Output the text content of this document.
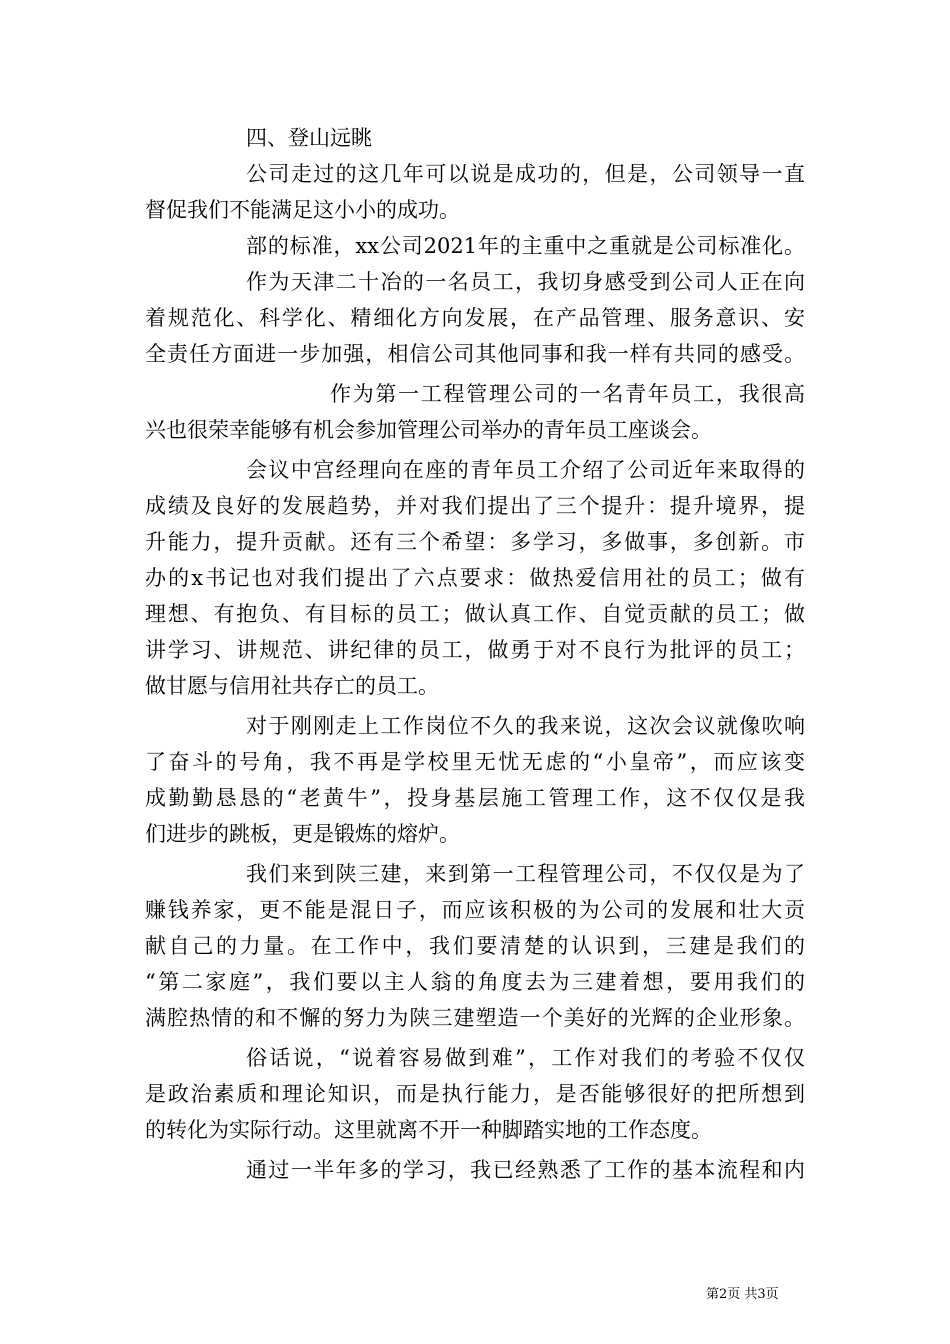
四、登山远眺
公司走过的这几年可以说是成功的，但是，公司领导一直
督促我们不能满足这小小的成功。
部的标准，xx公司2021年的主重中之重就是公司标准化。
作为天津二十冶的一名员工，我切身感受到公司人正在向
着规范化、科学化、精细化方向发展，在产品管理、服务意识、安
全责任方面进一步加强，相信公司其他同事和我一样有共同的感受。
作为第一工程管理公司的一名青年员工，我很高
兴也很荣幸能够有机会参加管理公司举办的青年员工座谈会。
会议中宫经理向在座的青年员工介绍了公司近年来取得的
成绩及良好的发展趋势，并对我们提出了三个提升：提升境界，提
升能力，提升贡献。还有三个希望：多学习，多做事，多创新。市
办的x书记也对我们提出了六点要求：做热爱信用社的员工；做有
理想、有抱负、有目标的员工；做认真工作、自觉贡献的员工；做
讲学习、讲规范、讲纪律的员工，做勇于对不良行为批评的员工；
做甘愿与信用社共存亡的员工。
对于刚刚走上工作岗位不久的我来说，这次会议就像吹响
了奋斗的号角，我不再是学校里无忧无虑的“小皇帝”，而应该变
成勤勤恳恳的“老黄牛”，投身基层施工管理工作，这不仅仅是我
们进步的跳板，更是锻炼的熔炉。
我们来到陕三建，来到第一工程管理公司，不仅仅是为了
赚钱养家，更不能是混日子，而应该积极的为公司的发展和壮大贡
献自己的力量。在工作中，我们要清楚的认识到，三建是我们的
“第二家庭”，我们要以主人翁的角度去为三建着想，要用我们的
满腔热情的和不懈的努力为陕三建塑造一个美好的光辉的企业形象。
俗话说，“说着容易做到难”，工作对我们的考验不仅仅
是政治素质和理论知识，而是执行能力，是否能够很好的把所想到
的转化为实际行动。这里就离不开一种脚踏实地的工作态度。
通过一半年多的学习，我已经熟悉了工作的基本流程和内
第2页 共3页
